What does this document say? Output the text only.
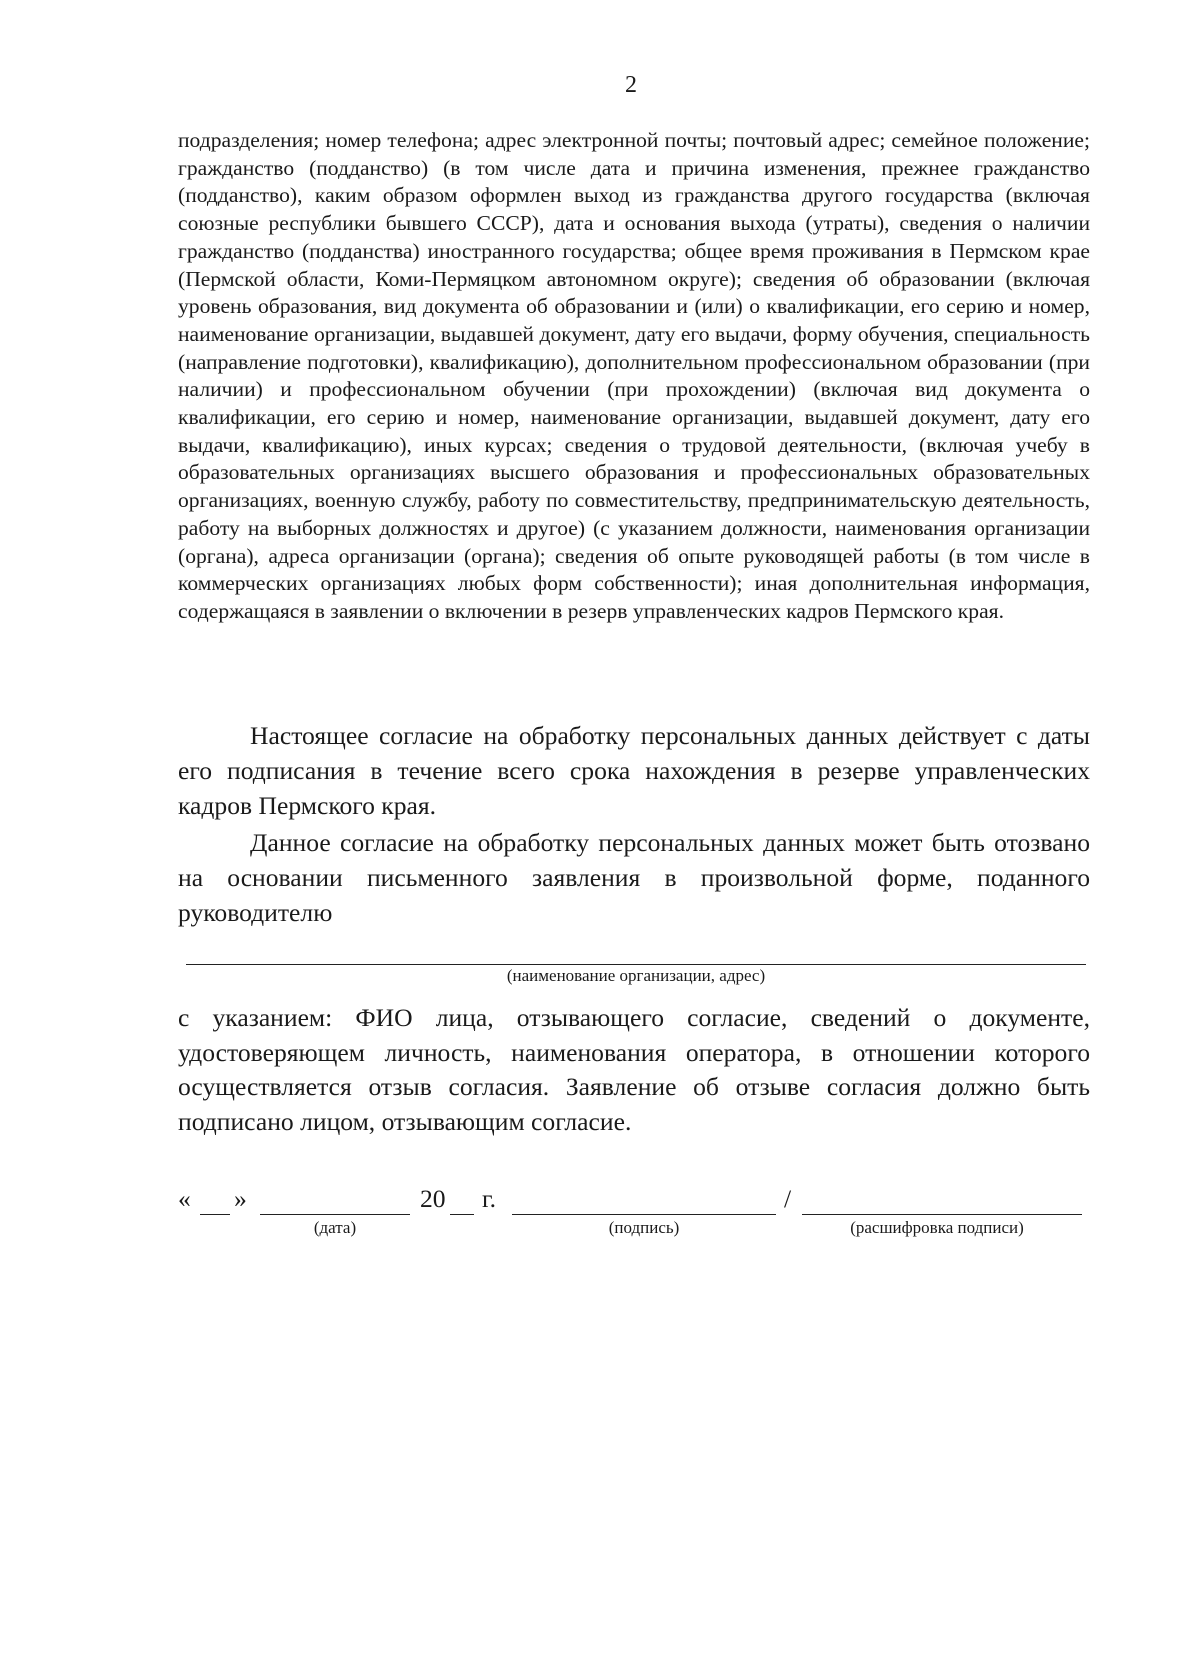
2

подразделения; номер телефона; адрес электронной почты; почтовый адрес; семейное положение; гражданство (подданство) (в том числе дата и причина изменения, прежнее гражданство (подданство), каким образом оформлен выход из гражданства другого государства (включая союзные республики бывшего СССР), дата и основания выхода (утраты), сведения о наличии гражданство (подданства) иностранного государства; общее время проживания в Пермском крае (Пермской области, Коми-Пермяцком автономном округе); сведения об образовании (включая уровень образования, вид документа об образовании и (или) о квалификации, его серию и номер, наименование организации, выдавшей документ, дату его выдачи, форму обучения, специальность (направление подготовки), квалификацию), дополнительном профессиональном образовании (при наличии) и профессиональном обучении (при прохождении) (включая вид документа о квалификации, его серию и номер, наименование организации, выдавшей документ, дату его выдачи, квалификацию), иных курсах; сведения о трудовой деятельности, (включая учебу в образовательных организациях высшего образования и профессиональных образовательных организациях, военную службу, работу по совместительству, предпринимательскую деятельность, работу на выборных должностях и другое) (с указанием должности, наименования организации (органа), адреса организации (органа); сведения об опыте руководящей работы (в том числе в коммерческих организациях любых форм собственности); иная дополнительная информация, содержащаяся в заявлении о включении в резерв управленческих кадров Пермского края.

Настоящее согласие на обработку персональных данных действует с даты его подписания в течение всего срока нахождения в резерве управленческих кадров Пермского края.

Данное согласие на обработку персональных данных может быть отозвано на основании письменного заявления в произвольной форме, поданного руководителю

(наименование организации, адрес)

с указанием: ФИО лица, отзывающего согласие, сведений о документе, удостоверяющем личность, наименования оператора, в отношении которого осуществляется отзыв согласия. Заявление об отзыве согласия должно быть подписано лицом, отзывающим согласие.

« »
(дата)
20 г.
(подпись)
/
(расшифровка подписи)
